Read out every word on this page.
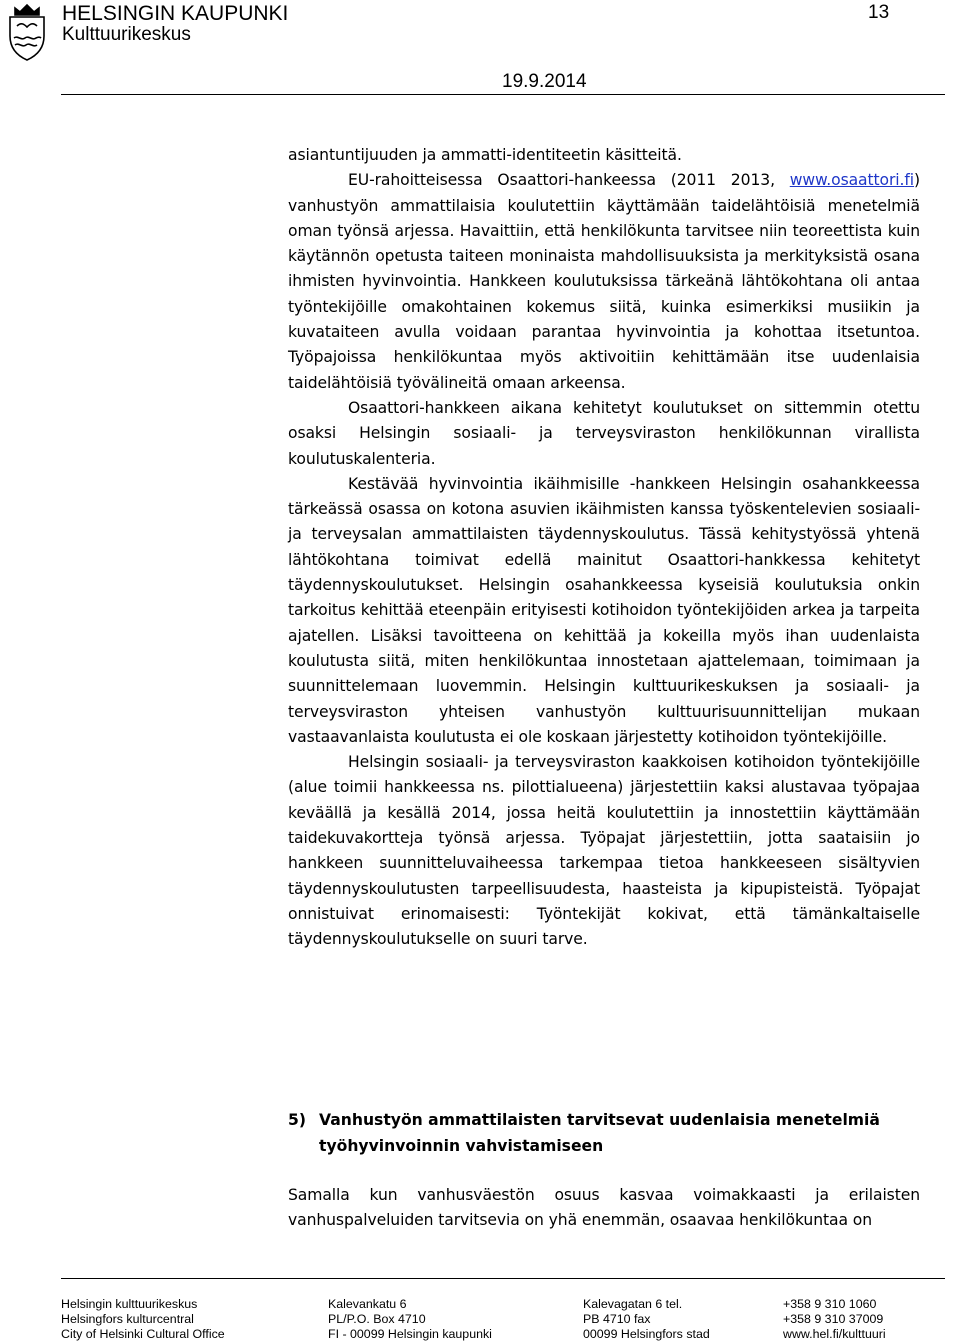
HELSINGIN KAUPUNKI
Kulttuurikeskus
13
19.9.2014

asiantuntijuuden ja ammatti-identiteetin käsitteitä.

EU-rahoitteisessa Osaattori-hankeessa (2011 2013, www.osaattori.fi) vanhustyön ammattilaisia koulutettiin käyttämään taidelähtöisiä menetelmiä oman työnsä arjessa. Havaittiin, että henkilökunta tarvitsee niin teoreettista kuin käytännön opetusta taiteen moninaista mahdollisuuksista ja merkityksistä osana ihmisten hyvinvointia. Hankkeen koulutuksissa tärkeänä lähtökohtana oli antaa työntekijöille omakohtainen kokemus siitä, kuinka esimerkiksi musiikin ja kuvataiteen avulla voidaan parantaa hyvinvointia ja kohottaa itsetuntoa. Työpajoissa henkilökuntaa myös aktivoitiin kehittämään itse uudenlaisia taidelähtöisiä työvälineitä omaan arkeensa.

Osaattori-hankkeen aikana kehitetyt koulutukset on sittemmin otettu osaksi Helsingin sosiaali- ja terveysviraston henkilökunnan virallista koulutuskalenteria.

Kestävää hyvinvointia ikäihmisille -hankkeen Helsingin osahankkeessa tärkeässä osassa on kotona asuvien ikäihmisten kanssa työskentelevien sosiaali- ja terveysalan ammattilaisten täydennyskoulutus. Tässä kehitystyössä yhtenä lähtökohtana toimivat edellä mainitut Osaattori-hankkessa kehitetyt täydennyskoulutukset. Helsingin osahankkeessa kyseisiä koulutuksia onkin tarkoitus kehittää eteenpäin erityisesti kotihoidon työntekijöiden arkea ja tarpeita ajatellen. Lisäksi tavoitteena on kehittää ja kokeilla myös ihan uudenlaista koulutusta siitä, miten henkilökuntaa innostetaan ajattelemaan, toimimaan ja suunnittelemaan luovemmin. Helsingin kulttuurikeskuksen ja sosiaali- ja terveysviraston yhteisen vanhustyön kulttuurisuunnittelijan mukaan vastaavanlaista koulutusta ei ole koskaan järjestetty kotihoidon työntekijöille.

Helsingin sosiaali- ja terveysviraston kaakkoisen kotihoidon työntekijöille (alue toimii hankkeessa ns. pilottialueena) järjestettiin kaksi alustavaa työpajaa keväällä ja kesällä 2014, jossa heitä koulutettiin ja innostettiin käyttämään taidekuvakortteja työnsä arjessa. Työpajat järjestettiin, jotta saataisiin jo hankkeen suunnitteluvaiheessa tarkempaa tietoa hankkeeseen sisältyvien täydennyskoulutusten tarpeellisuudesta, haasteista ja kipupisteistä. Työpajat onnistuivat erinomaisesti: Työntekijät kokivat, että tämänkaltaiselle täydennyskoulutukselle on suuri tarve.

5) Vanhustyön ammattilaisten tarvitsevat uudenlaisia menetelmiä työhyvinvoinnin vahvistamiseen

Samalla kun vanhusväestön osuus kasvaa voimakkaasti ja erilaisten vanhuspalveluiden tarvitsevia on yhä enemmän, osaavaa henkilökuntaa on

Helsingin kulttuurikeskus
Helsingfors kulturcentral
City of Helsinki Cultural Office
Kalevankatu 6
PL/P.O. Box 4710
FI - 00099 Helsingin kaupunki
Kalevagatan 6 tel.
PB 4710 fax
00099 Helsingfors stad
+358 9 310 1060
+358 9 310 37009
www.hel.fi/kulttuuri
